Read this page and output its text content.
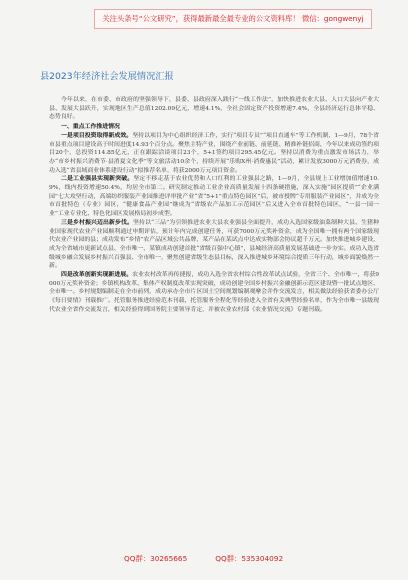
关注头条号“公文研究”，获得最新最全最专业的公文资料库！ 微信：gongwenyj
县2023年经济社会发展情况汇报

今年以来，在市委、市政府的坚强领导下，县委、县政府深入践行“一线工作法”，加快推进农业大县、人口大县向产业大县、发展大县跃升，实现地区生产总值1202.09亿元，增速4.1%，全社会固定资产投资增速7.4%，全县经济运行总体平稳、态势良好。

一、重点工作推进情况

一是项目投资取得新成效。坚持以项目为中心组织经济工作，实行“项目专员”“项目直通车”等工作机制，1—9月，78个省市县重点项目建设高于时间进度14.93个百分点。聚焦主特产业，围绕产业前链、前延链、精准补链招商，今年以来成功签约项目20个，总投资114.85亿元，正在跟踪洽谈项目23个，5+1签约项目295.45亿元。坚持以消费为重点激发市场活力，举办“市乡村振兴消费节·县消夏文化季”等文旅活动10余个，持续开展“乐购X州·消费惠民”活动，累计发放3000万元消费券，成功入选“省县域商业体系建设行动”拟推荐名单，将获2000万元项目资金。

二是工业强县实现新突破。坚定不移走基于农业优势和人口红利的工业强县之路，1—9月，全县规上工业增加值增速10.9%，线内投资增速50.4%，均居全市第二。研究制定推动工业企业高质量发展十四条硬措施，深入实施“园区提质”“企业满园”七大攻坚行动，高端纺织服装产业园推进评审批产业“省“5+1”重点特色园区”后，被市授牌“专用服装产业园区”，并成为全市首批特色（专业）园区，“健康食品产业园”继成为“省级农产品加工示范园区”后又进入全市首批特色园区，“一县一园一业”工业专业化、特色化园区发展格局初步成型。

三是乡村振兴迈出新步伐。坚持以“三品”为引领推进农业大县农业强县全面提升，成功入选国家级油菜制种大县、生猪种业国家现代农业产业园顺利通过申期评估，预计年内完成创建任务，可获7000万元奖补资金，成为全国唯一拥有两个国家级现代农业产业园的县；成功发布“乡情”农产品区域公共品牌，某产品在某试点中达成实物部会协议超千万元。加快推进城乡建设，成为全省城市更新试点县、全市唯一、某镇成功创建首批“省级百强中心镇”，县城经济高质量发展基础进一步夯实。成功入选省级城乡融合发展乡村振兴百强县、全市唯一，聚焦创建省级生态县目标，深入推进城乡环境综合提质三年行动，城乡面貌焕然一新。

四是改革创新实现新进展。农业农村改革再传捷报，成功入选全省农村综合性改革试点试验，全省三个、全市唯一，将获9000万元奖补资金；乡镇机构改革、集体产权制度改革实现突破，成功创建全国乡村振兴金融创新示范区建设暨一批试点地区、全市唯一。乡村规划编制走在全市前列，成功承办全市片区国土空间规划编制观摩会并作交流发言，相关做法经验获省委办公厅《每日要情》刊载推广。托管服务推进经验范本刊载，托管服务全程化等经验进入全省有关典型经验名单，作为全市唯一县级现代农业全省作交流发言，相关经验得到国务院主要领导肯定，并被农业农村部《农业情况交流》专题刊载。

QQ群：30265665	QQ群：535304092
